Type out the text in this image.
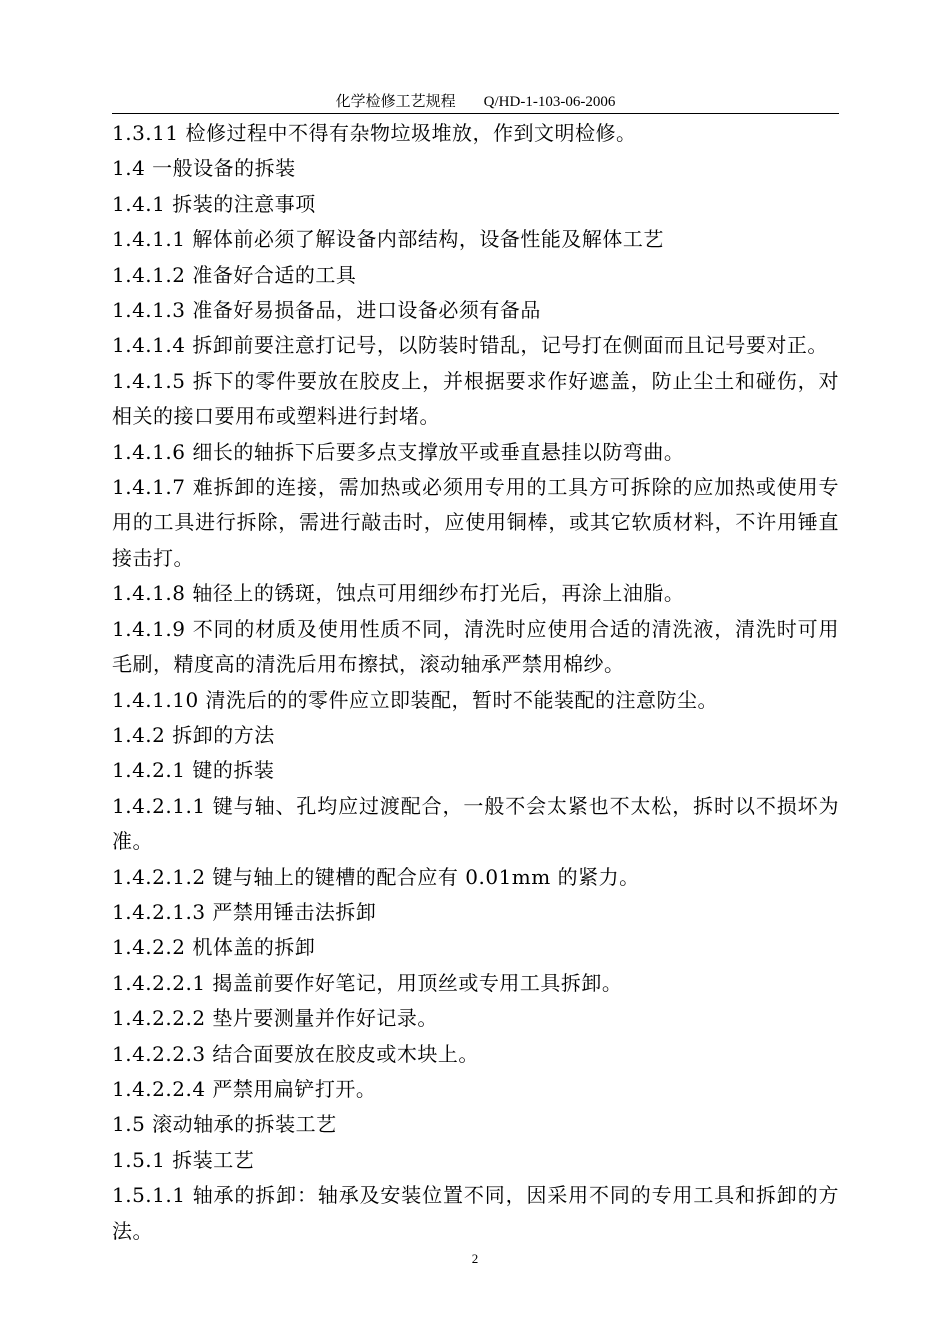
化学检修工艺规程 Q/HD-1-103-06-2006

1.3.11 检修过程中不得有杂物垃圾堆放，作到文明检修。

1.4 一般设备的拆装

1.4.1 拆装的注意事项

1.4.1.1 解体前必须了解设备内部结构，设备性能及解体工艺

1.4.1.2 准备好合适的工具

1.4.1.3 准备好易损备品，进口设备必须有备品

1.4.1.4 拆卸前要注意打记号，以防装时错乱，记号打在侧面而且记号要对正。

1.4.1.5 拆下的零件要放在胶皮上，并根据要求作好遮盖，防止尘土和碰伤，对相关的接口要用布或塑料进行封堵。

1.4.1.6 细长的轴拆下后要多点支撑放平或垂直悬挂以防弯曲。

1.4.1.7 难拆卸的连接，需加热或必须用专用的工具方可拆除的应加热或使用专用的工具进行拆除，需进行敲击时，应使用铜棒，或其它软质材料，不许用锤直接击打。

1.4.1.8 轴径上的锈斑，蚀点可用细纱布打光后，再涂上油脂。

1.4.1.9 不同的材质及使用性质不同，清洗时应使用合适的清洗液，清洗时可用毛刷，精度高的清洗后用布擦拭，滚动轴承严禁用棉纱。

1.4.1.10 清洗后的的零件应立即装配，暂时不能装配的注意防尘。

1.4.2 拆卸的方法

1.4.2.1 键的拆装

1.4.2.1.1 键与轴、孔均应过渡配合，一般不会太紧也不太松，拆时以不损坏为准。

1.4.2.1.2 键与轴上的键槽的配合应有 0.01mm 的紧力。

1.4.2.1.3 严禁用锤击法拆卸

1.4.2.2 机体盖的拆卸

1.4.2.2.1 揭盖前要作好笔记，用顶丝或专用工具拆卸。

1.4.2.2.2 垫片要测量并作好记录。

1.4.2.2.3 结合面要放在胶皮或木块上。

1.4.2.2.4 严禁用扁铲打开。

1.5 滚动轴承的拆装工艺

1.5.1 拆装工艺

1.5.1.1 轴承的拆卸：轴承及安装位置不同，因采用不同的专用工具和拆卸的方法。

2
